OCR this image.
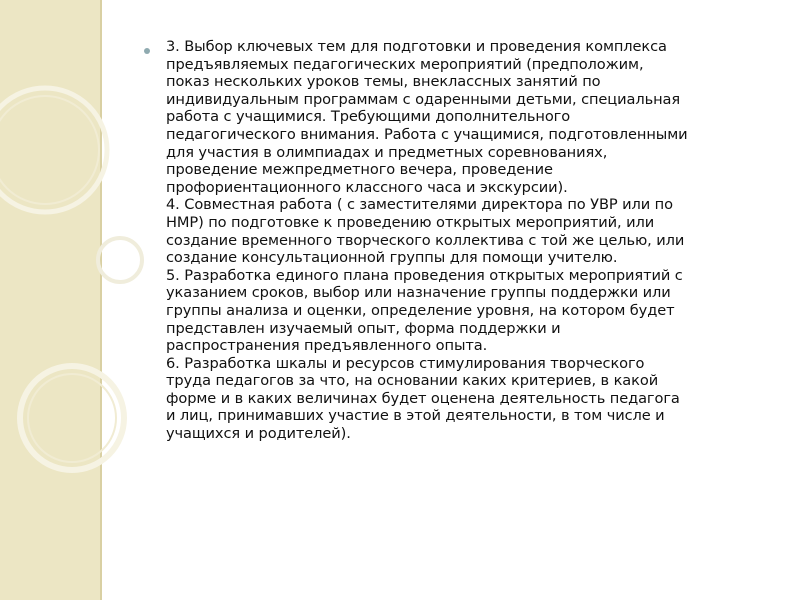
3. Выбор ключевых тем для подготовки и проведения комплекса
предъявляемых педагогических мероприятий (предположим,
показ нескольких уроков темы, внеклассных занятий по
индивидуальным программам с одаренными детьми, специальная
работа с учащимися. Требующими дополнительного
педагогического внимания. Работа с учащимися, подготовленными
для участия в олимпиадах и предметных соревнованиях,
проведение межпредметного вечера, проведение
профориентационного классного часа и экскурсии).
4. Совместная работа ( с заместителями директора по УВР или по
НМР) по подготовке к проведению открытых мероприятий, или
создание временного творческого коллектива с той же целью, или
создание консультационной группы для помощи учителю.
5. Разработка единого плана проведения открытых мероприятий с
указанием сроков, выбор или назначение группы поддержки или
группы анализа и оценки, определение уровня, на котором будет
представлен изучаемый опыт, форма поддержки и
распространения предъявленного опыта.
6. Разработка шкалы и ресурсов стимулирования творческого
труда педагогов за что, на основании каких критериев, в какой
форме и в каких величинах будет оценена деятельность педагога
и лиц, принимавших участие в этой деятельности, в том числе и
учащихся и родителей).
